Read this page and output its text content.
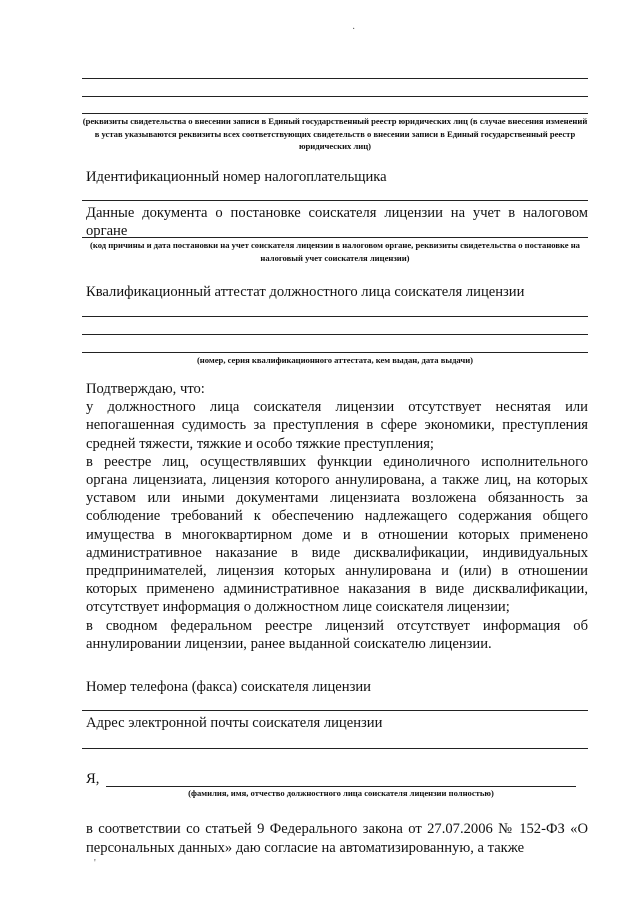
(реквизиты свидетельства о внесении записи в Единый государственный реестр юридических лиц (в случае внесения изменений в устав указываются реквизиты всех соответствующих свидетельств о внесении записи в Единый государственный реестр юридических лиц)
Идентификационный номер налогоплательщика
Данные документа о постановке соискателя лицензии на учет в налоговом органе
(код причины и дата постановки на учет соискателя лицензии в налоговом органе, реквизиты свидетельства о постановке на налоговый учет соискателя лицензии)
Квалификационный аттестат должностного лица соискателя лицензии
(номер, серия квалификационного аттестата, кем выдан, дата выдачи)

Подтверждаю, что:

у должностного лица соискателя лицензии отсутствует неснятая или непогашенная судимость за преступления в сфере экономики, преступления средней тяжести, тяжкие и особо тяжкие преступления;

в реестре лиц, осуществлявших функции единоличного исполнительного органа лицензиата, лицензия которого аннулирована, а также лиц, на которых уставом или иными документами лицензиата возложена обязанность за соблюдение требований к обеспечению надлежащего содержания общего имущества в многоквартирном доме и в отношении которых применено административное наказание в виде дисквалификации, индивидуальных предпринимателей, лицензия которых аннулирована и (или) в отношении которых применено административное наказания в виде дисквалификации, отсутствует информация о должностном лице соискателя лицензии;

в сводном федеральном реестре лицензий отсутствует информация об аннулировании лицензии, ранее выданной соискателю лицензии.

Номер телефона (факса) соискателя лицензии
Адрес электронной почты соискателя лицензии
Я,
(фамилия, имя, отчество должностного лица соискателя лицензии полностью)
в соответствии со статьей 9 Федерального закона от 27.07.2006 № 152-ФЗ «О персональных данных» даю согласие на автоматизированную, а также
·
'
